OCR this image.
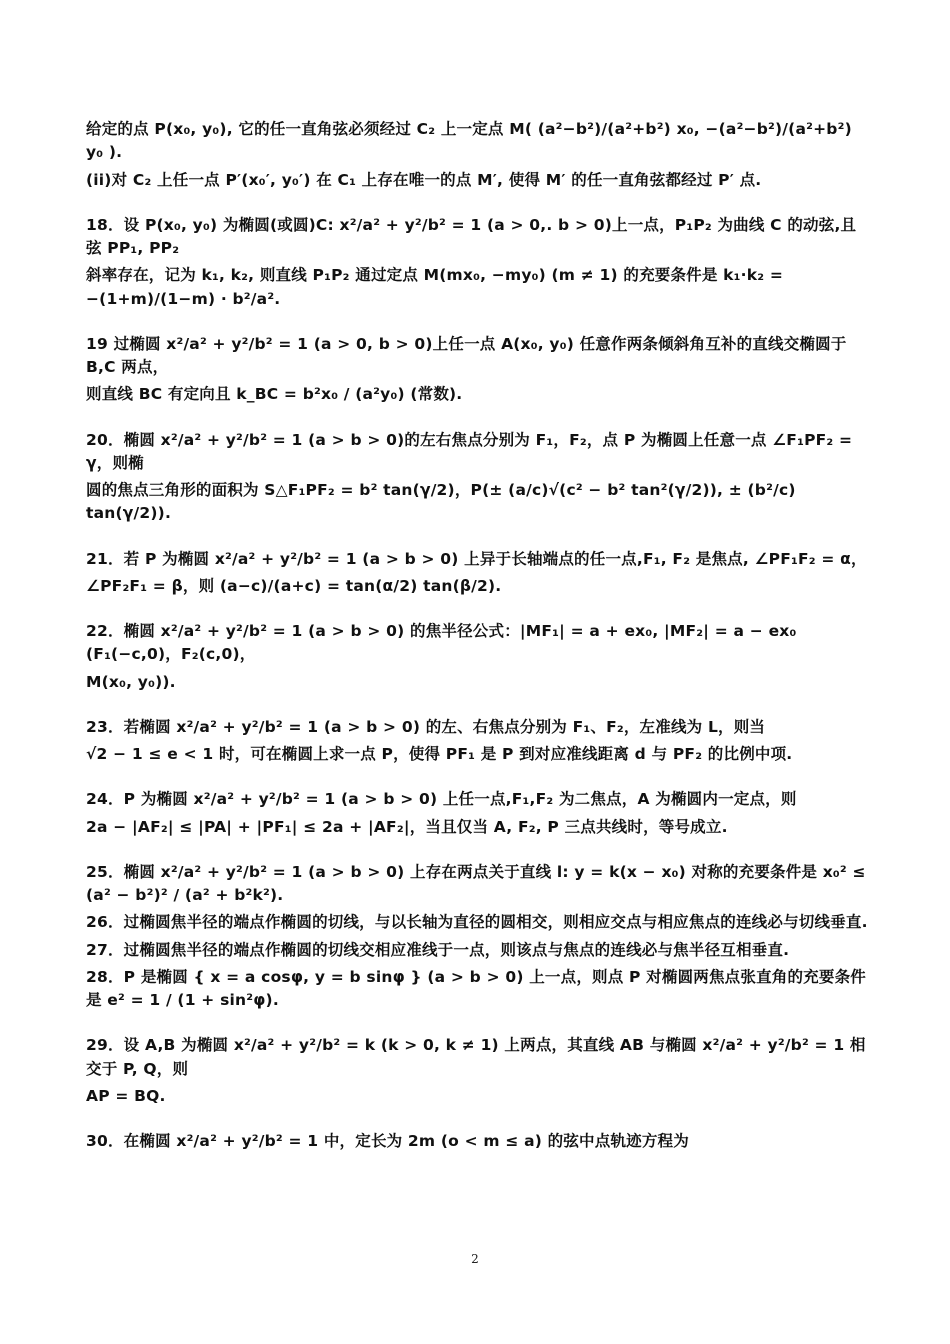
给定的点 P(x₀, y₀), 它的任一直角弦必须经过 C₂ 上一定点 M( (a²−b²)/(a²+b²) x₀, −(a²−b²)/(a²+b²) y₀ ).
(ii)对 C₂ 上任一点 P′(x₀′, y₀′) 在 C₁ 上存在唯一的点 M′, 使得 M′ 的任一直角弦都经过 P′ 点.
18．设 P(x₀, y₀) 为椭圆(或圆)C: x²/a² + y²/b² = 1 (a > 0,. b > 0)上一点，P₁P₂ 为曲线 C 的动弦,且弦 PP₁, PP₂
斜率存在，记为 k₁, k₂, 则直线 P₁P₂ 通过定点 M(mx₀, −my₀) (m ≠ 1) 的充要条件是 k₁·k₂ = −(1+m)/(1−m) · b²/a².
19 过椭圆 x²/a² + y²/b² = 1 (a > 0, b > 0)上任一点 A(x₀, y₀) 任意作两条倾斜角互补的直线交椭圆于 B,C 两点，
则直线 BC 有定向且 k_BC = b²x₀ / (a²y₀) (常数).
20．椭圆 x²/a² + y²/b² = 1 (a > b > 0)的左右焦点分别为 F₁，F₂，点 P 为椭圆上任意一点 ∠F₁PF₂ = γ，则椭
圆的焦点三角形的面积为 S△F₁PF₂ = b² tan(γ/2)，P(± (a/c)√(c² − b² tan²(γ/2)), ± (b²/c) tan(γ/2)).
21．若 P 为椭圆 x²/a² + y²/b² = 1 (a > b > 0) 上异于长轴端点的任一点,F₁, F₂ 是焦点, ∠PF₁F₂ = α，
∠PF₂F₁ = β，则 (a−c)/(a+c) = tan(α/2) tan(β/2).
22．椭圆 x²/a² + y²/b² = 1 (a > b > 0) 的焦半径公式：|MF₁| = a + ex₀, |MF₂| = a − ex₀ (F₁(−c,0)，F₂(c,0)，
M(x₀, y₀)).
23．若椭圆 x²/a² + y²/b² = 1 (a > b > 0) 的左、右焦点分别为 F₁、F₂，左准线为 L，则当
√2 − 1 ≤ e < 1 时，可在椭圆上求一点 P，使得 PF₁ 是 P 到对应准线距离 d 与 PF₂ 的比例中项.
24．P 为椭圆 x²/a² + y²/b² = 1 (a > b > 0) 上任一点,F₁,F₂ 为二焦点，A 为椭圆内一定点，则
2a − |AF₂| ≤ |PA| + |PF₁| ≤ 2a + |AF₂|，当且仅当 A, F₂, P 三点共线时，等号成立.
25．椭圆 x²/a² + y²/b² = 1 (a > b > 0) 上存在两点关于直线 l: y = k(x − x₀) 对称的充要条件是 x₀² ≤ (a² − b²)² / (a² + b²k²).
26．过椭圆焦半径的端点作椭圆的切线，与以长轴为直径的圆相交，则相应交点与相应焦点的连线必与切线垂直.
27．过椭圆焦半径的端点作椭圆的切线交相应准线于一点，则该点与焦点的连线必与焦半径互相垂直.
28．P 是椭圆 { x = a cosφ, y = b sinφ } (a > b > 0) 上一点，则点 P 对椭圆两焦点张直角的充要条件是 e² = 1 / (1 + sin²φ).
29．设 A,B 为椭圆 x²/a² + y²/b² = k (k > 0, k ≠ 1) 上两点，其直线 AB 与椭圆 x²/a² + y²/b² = 1 相交于 P, Q，则
AP = BQ.
30．在椭圆 x²/a² + y²/b² = 1 中，定长为 2m (o < m ≤ a) 的弦中点轨迹方程为
2
